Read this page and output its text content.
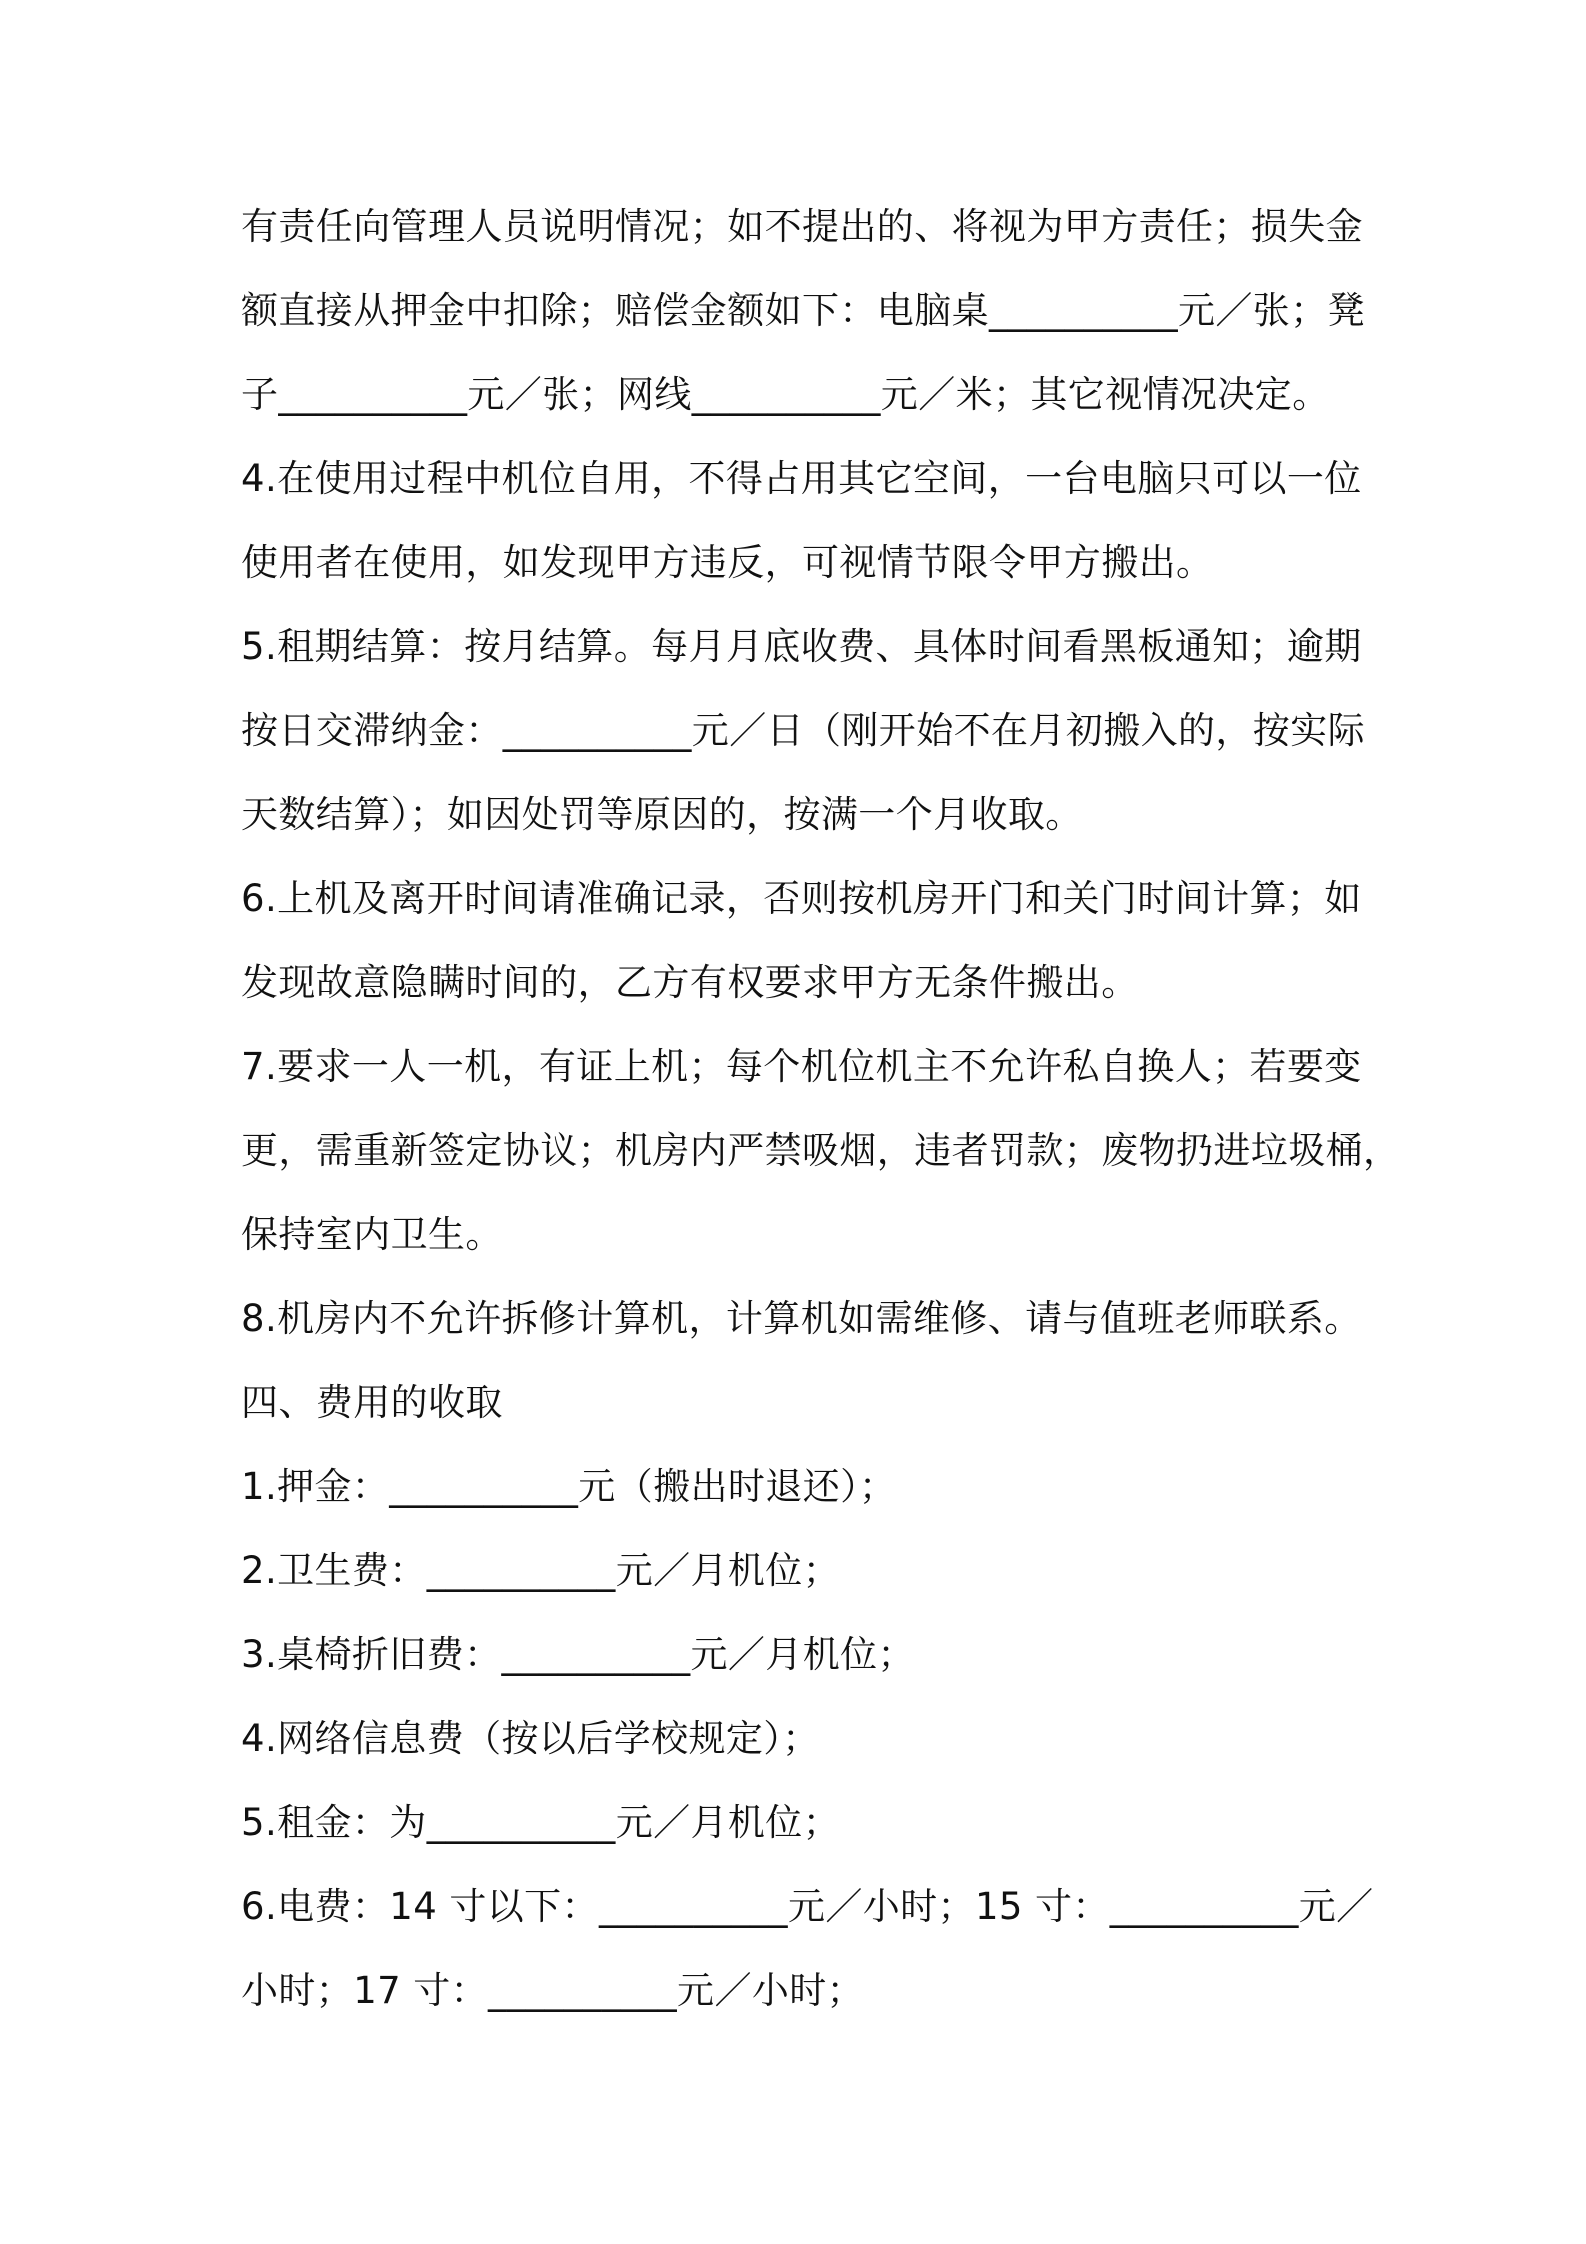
有责任向管理人员说明情况；如不提出的、将视为甲方责任；损失金
额直接从押金中扣除；赔偿金额如下：电脑桌__________元／张；凳
子__________元／张；网线__________元／米；其它视情况决定。
4.在使用过程中机位自用，不得占用其它空间，一台电脑只可以一位
使用者在使用，如发现甲方违反，可视情节限令甲方搬出。
5.租期结算：按月结算。每月月底收费、具体时间看黑板通知；逾期
按日交滞纳金：__________元／日（刚开始不在月初搬入的，按实际
天数结算）；如因处罚等原因的，按满一个月收取。
6.上机及离开时间请准确记录，否则按机房开门和关门时间计算；如
发现故意隐瞒时间的，乙方有权要求甲方无条件搬出。
7.要求一人一机，有证上机；每个机位机主不允许私自换人；若要变
更，需重新签定协议；机房内严禁吸烟，违者罚款；废物扔进垃圾桶，
保持室内卫生。
8.机房内不允许拆修计算机，计算机如需维修、请与值班老师联系。
四、费用的收取
1.押金：__________元（搬出时退还）；
2.卫生费：__________元／月机位；
3.桌椅折旧费：__________元／月机位；
4.网络信息费（按以后学校规定）；
5.租金：为__________元／月机位；
6.电费：14 寸以下：__________元／小时；15 寸：__________元／
小时；17 寸：__________元／小时；
